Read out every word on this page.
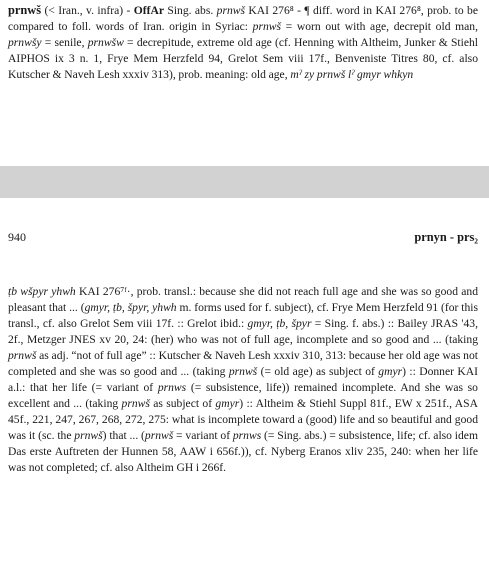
prnwš (< Iran., v. infra) - OffAr Sing. abs. prnwš KAI 276⁸ - ¶ diff. word in KAI 276⁸, prob. to be compared to foll. words of Iran. origin in Syriac: prnwš = worn out with age, decrepit old man, prnwšy = senile, prnwšw = decrepitude, extreme old age (cf. Henning with Altheim, Junker & Stiehl AIPHOS ix 3 n. 1, Frye Mem Herzfeld 94, Grelot Sem viii 17f., Benveniste Titres 80, cf. also Kutscher & Naveh Lesh xxxiv 313), prob. meaning: old age, mˀ zy prnwš lˀ gmyr whkyn
940	prnyn - prs₂
ṭb wšpyr yhwh KAI 276⁷ᶠ·, prob. transl.: because she did not reach full age and she was so good and pleasant that ... (gmyr, ṭb, špyr, yhwh m. forms used for f. subject), cf. Frye Mem Herzfeld 91 (for this transl., cf. also Grelot Sem viii 17f. :: Grelot ibid.: gmyr, ṭb, špyr = Sing. f. abs.) :: Bailey JRAS '43, 2f., Metzger JNES xv 20, 24: (her) who was not of full age, incomplete and so good and ... (taking prnwš as adj. “not of full age” :: Kutscher & Naveh Lesh xxxiv 310, 313: because her old age was not completed and she was so good and ... (taking prnwš (= old age) as subject of gmyr) :: Donner KAI a.l.: that her life (= variant of prnws (= subsistence, life)) remained incomplete. And she was so excellent and ... (taking prnwš as subject of gmyr) :: Altheim & Stiehl Suppl 81f., EW x 251f., ASA 45f., 221, 247, 267, 268, 272, 275: what is incomplete toward a (good) life and so beautiful and good was it (sc. the prnwš) that ... (prnwš = variant of prnws (= Sing. abs.) = subsistence, life; cf. also idem Das erste Auftreten der Hunnen 58, AAW i 656f.)), cf. Nyberg Eranos xliv 235, 240: when her life was not completed; cf. also Altheim GH i 266f.
